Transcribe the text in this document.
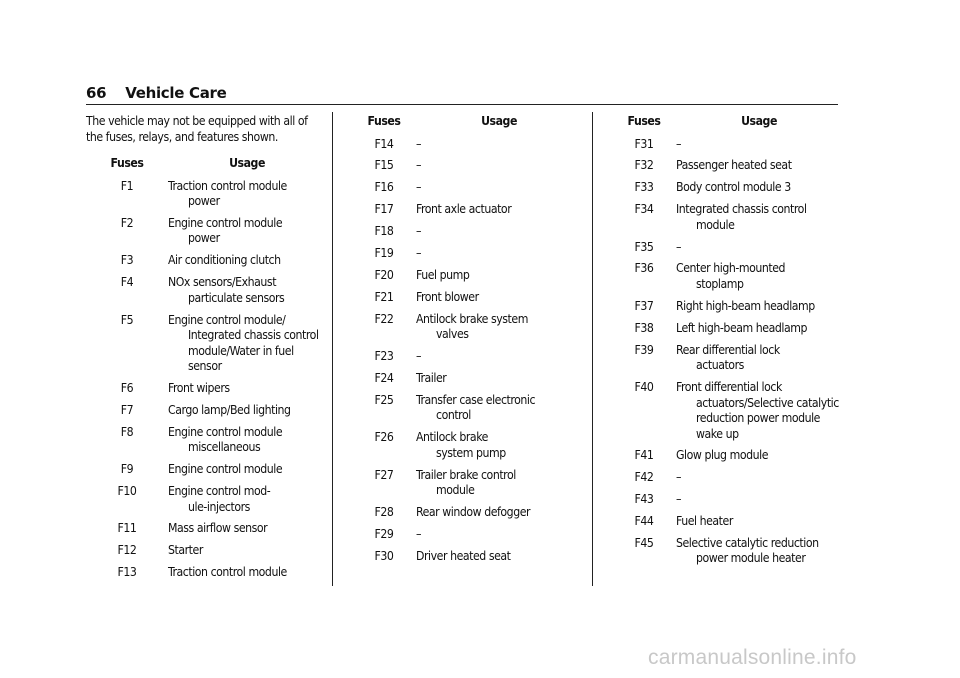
66 Vehicle Care
The vehicle may not be equipped with all of the fuses, relays, and features shown.
Fuses	Usage
F1	Traction control module
power
F2	Engine control module
power
F3	Air conditioning clutch
F4	NOx sensors/Exhaust
particulate sensors
F5	Engine control module/
Integrated chassis control
module/Water in fuel
sensor
F6	Front wipers
F7	Cargo lamp/Bed lighting
F8	Engine control module
miscellaneous
F9	Engine control module
F10	Engine control mod-
ule-injectors
F11	Mass airflow sensor
F12	Starter
F13	Traction control module
Fuses	Usage
F14	–
F15	–
F16	–
F17	Front axle actuator
F18	–
F19	–
F20	Fuel pump
F21	Front blower
F22	Antilock brake system
valves
F23	–
F24	Trailer
F25	Transfer case electronic
control
F26	Antilock brake
system pump
F27	Trailer brake control
module
F28	Rear window defogger
F29	–
F30	Driver heated seat
Fuses	Usage
F31	–
F32	Passenger heated seat
F33	Body control module 3
F34	Integrated chassis control
module
F35	–
F36	Center high-mounted
stoplamp
F37	Right high-beam headlamp
F38	Left high-beam headlamp
F39	Rear differential lock
actuators
F40	Front differential lock
actuators/Selective catalytic
reduction power module
wake up
F41	Glow plug module
F42	–
F43	–
F44	Fuel heater
F45	Selective catalytic reduction
power module heater
carmanualsonline.info
